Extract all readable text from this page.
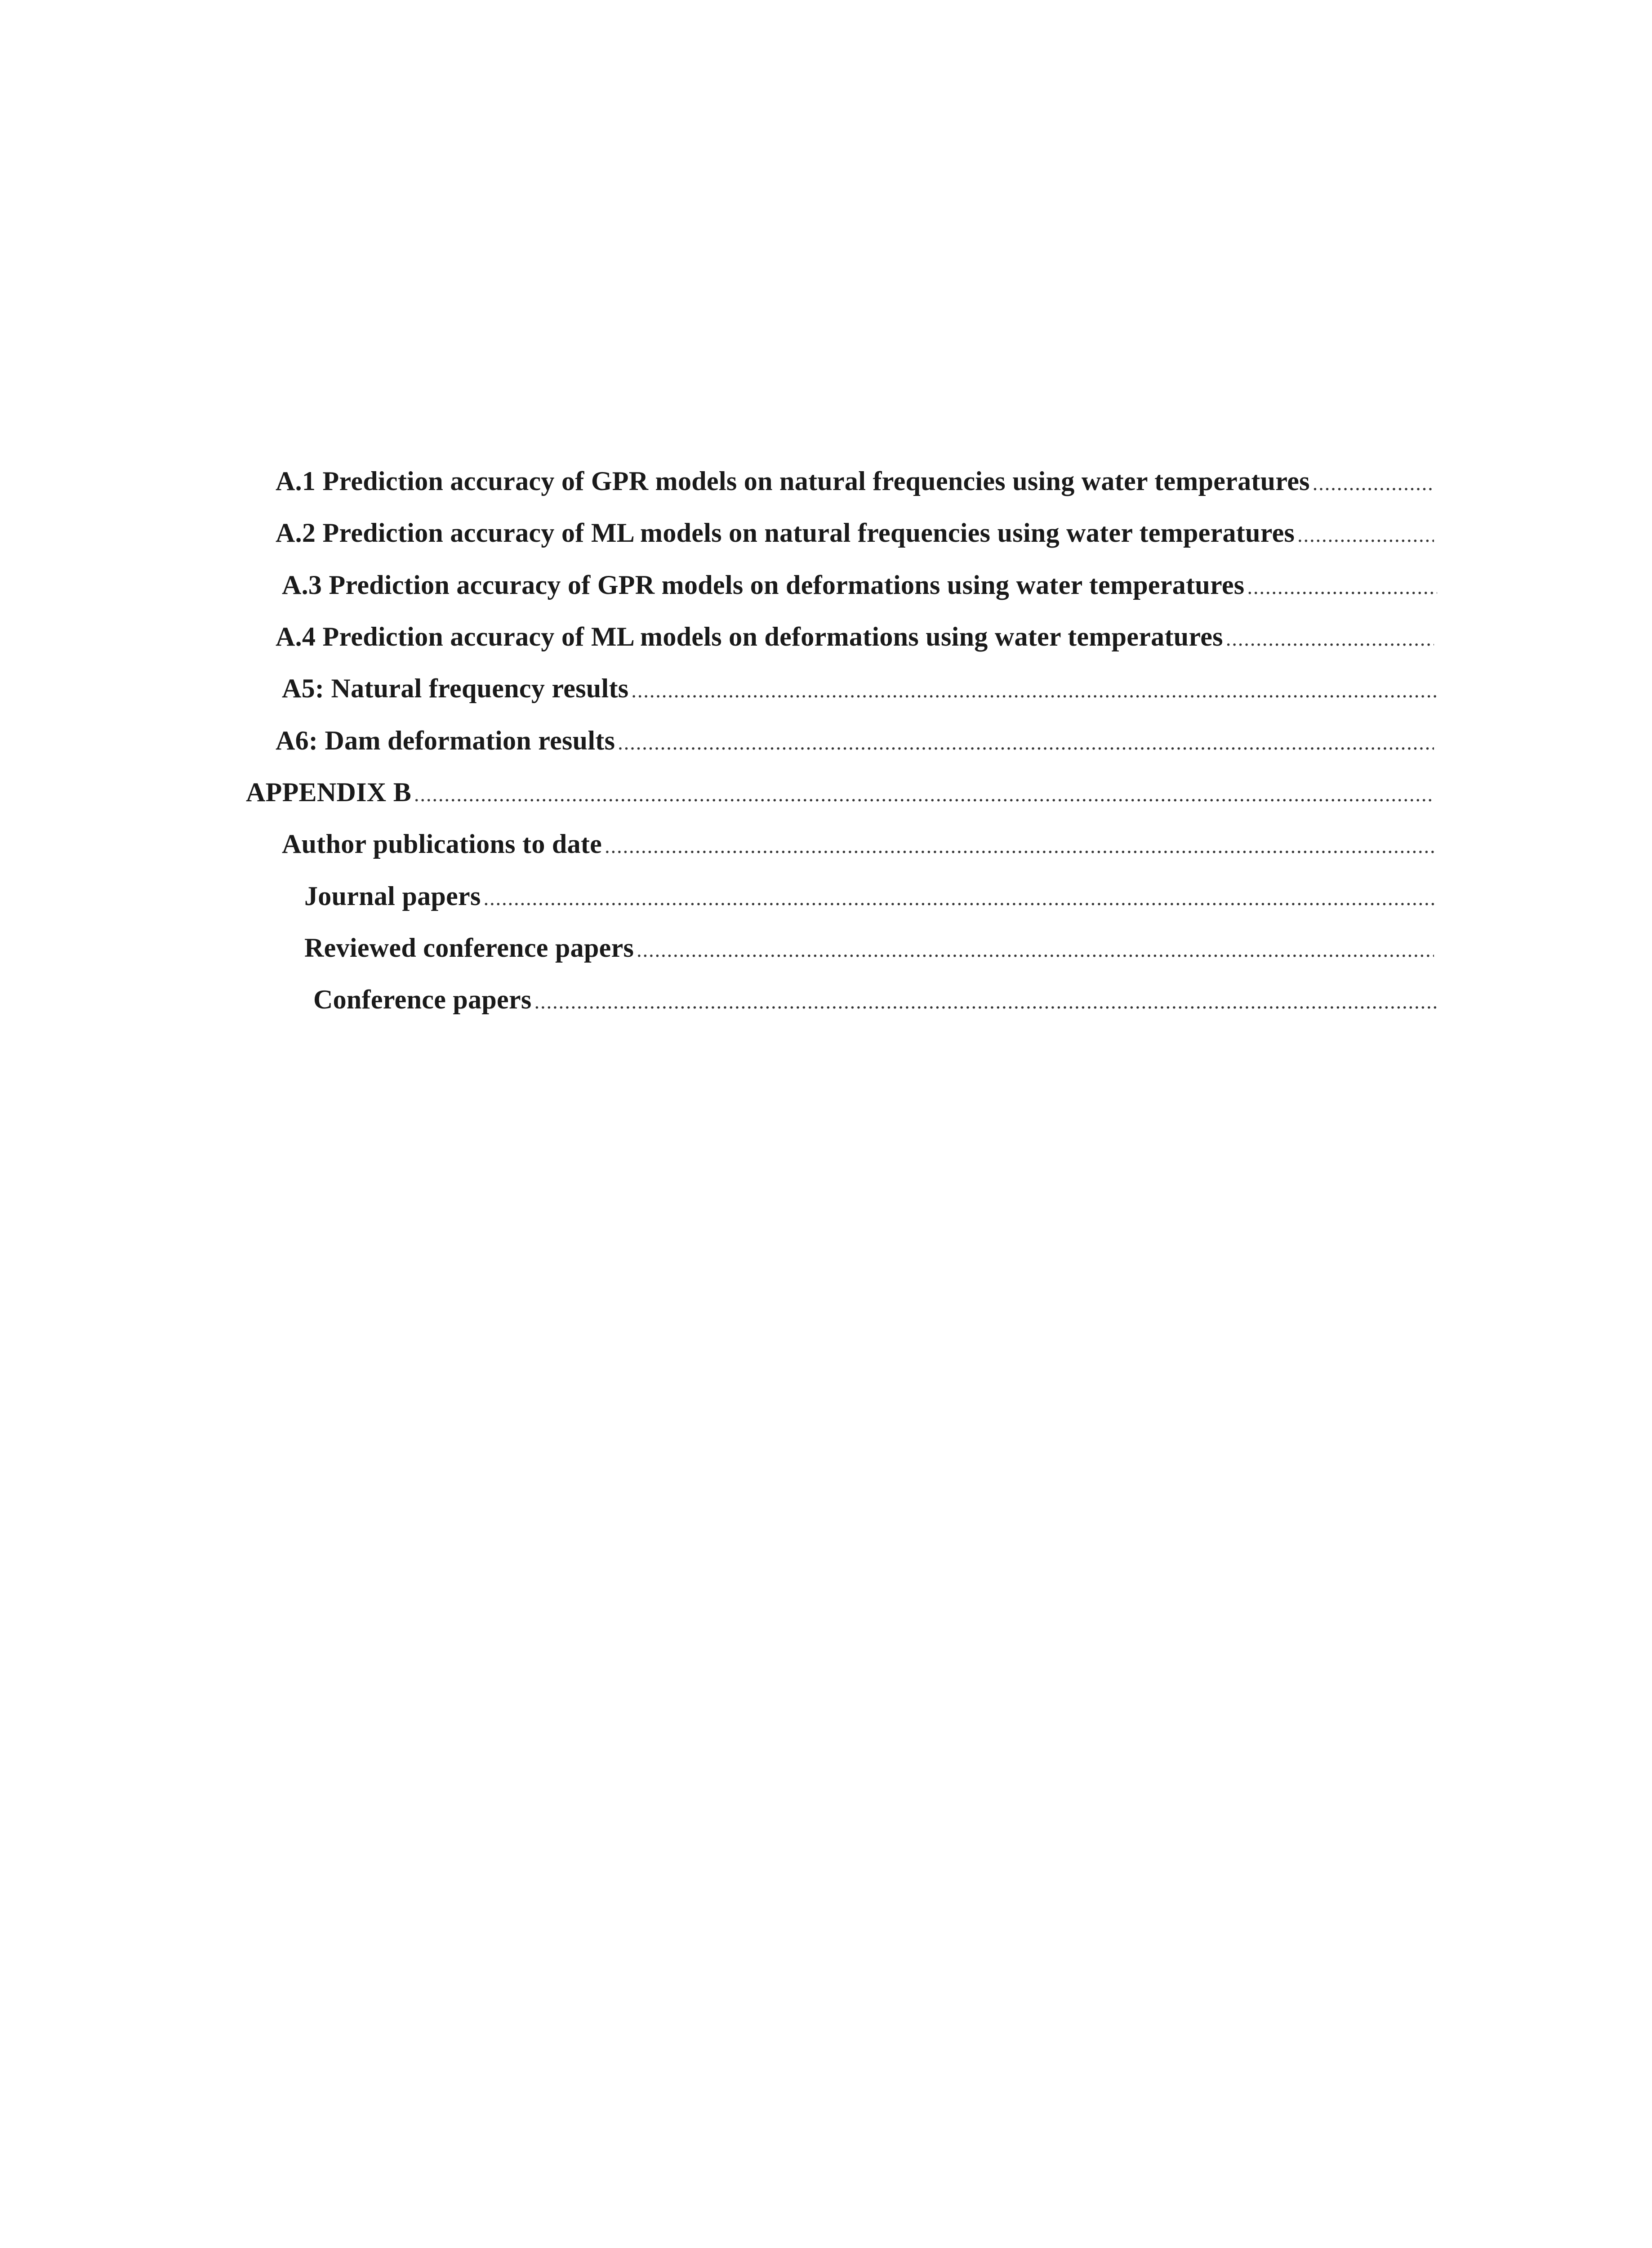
A.1 Prediction accuracy of GPR models on natural frequencies using water temperatures
.....
A.2 Prediction accuracy of ML models on natural frequencies using water temperatures
.....
A.3 Prediction accuracy of GPR models on deformations using water temperatures
.....
A.4 Prediction accuracy of ML models on deformations using water temperatures
.....
A5: Natural frequency results
.....
A6: Dam deformation results
.....
APPENDIX B
.....
Author publications to date
.....
Journal papers
.....
Reviewed conference papers
.....
Conference papers
.....
